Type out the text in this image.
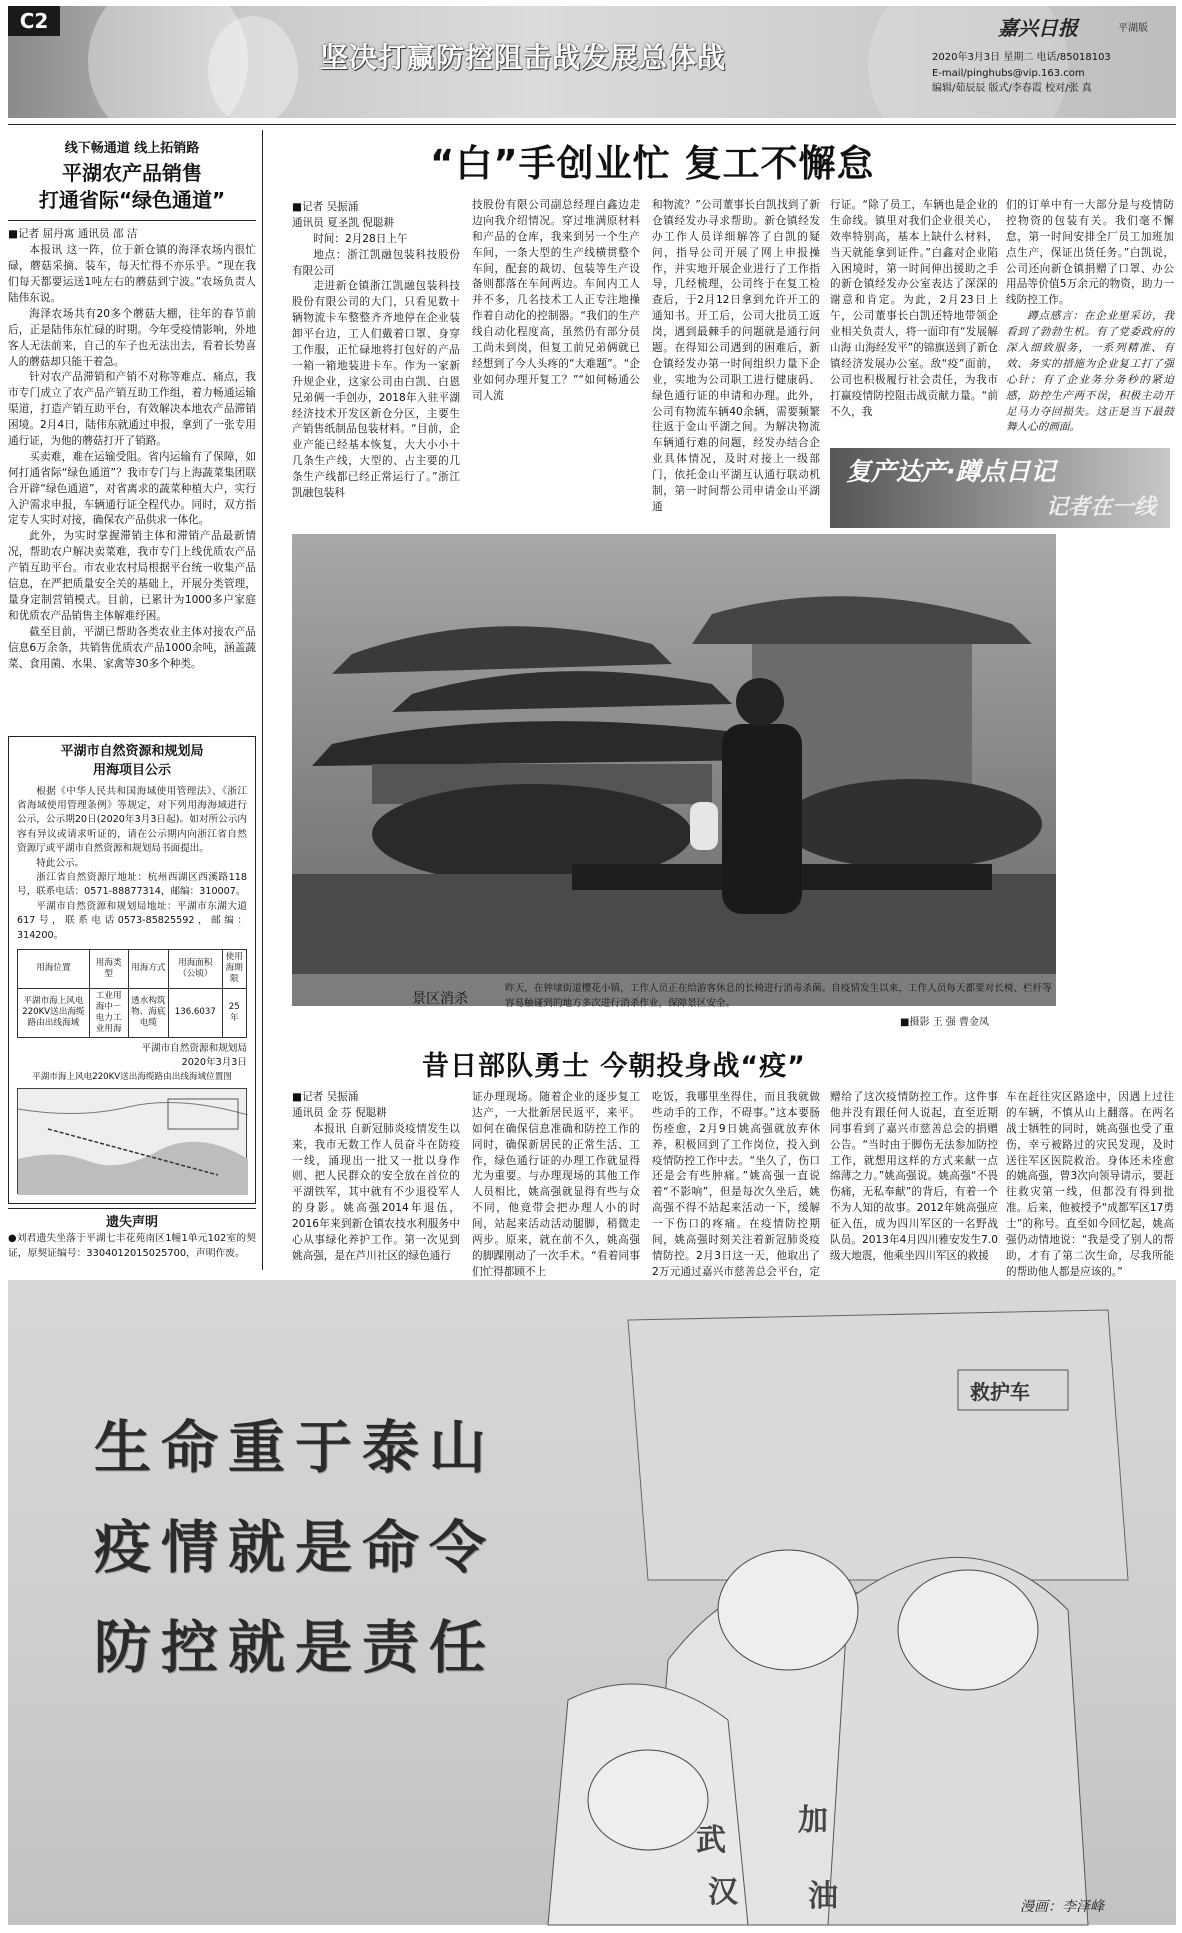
C2
坚决打赢防控阻击战发展总体战
嘉兴日报	平湖版
2020年3月3日 星期二 电话/85018103
E-mail/pinghubs@vip.163.com
编辑/茹辰辰 版式/李春霞 校对/张 真
线下畅通道 线上拓销路
平湖农产品销售
打通省际“绿色通道”
■记者 屈丹寓 通讯员 邵 洁

本报讯 这一阵，位于新仓镇的海泽农场内很忙碌，蘑菇采摘、装车，每天忙得不亦乐乎。“现在我们每天都要运送1吨左右的蘑菇到宁波。”农场负责人陆伟东说。

海泽农场共有20多个蘑菇大棚，往年的春节前后，正是陆伟东忙碌的时期。今年受疫情影响，外地客人无法前来，自己的车子也无法出去，看着长势喜人的蘑菇却只能干着急。

针对农产品滞销和产销不对称等难点、痛点，我市专门成立了农产品产销互助工作组，着力畅通运输渠道，打造产销互助平台，有效解决本地农产品滞销困境。2月4日，陆伟东就通过申报，拿到了一张专用通行证，为他的蘑菇打开了销路。

买卖难，难在运输受阻。省内运输有了保障，如何打通省际“绿色通道”？我市专门与上海蔬菜集团联合开辟“绿色通道”，对省离求的蔬菜种植大户，实行入沪需求申报，车辆通行证全程代办。同时，双方指定专人实时对接，确保农产品供求一体化。

此外，为实时掌握滞销主体和滞销产品最新情况，帮助农户解决卖菜难，我市专门上线优质农产品产销互助平台。市农业农村局根据平台统一收集产品信息，在严把质量安全关的基础上，开展分类管理，量身定制营销模式。目前，已累计为1000多户家庭和优质农产品销售主体解难纾困。

截至目前，平湖已帮助各类农业主体对接农产品信息6万余条，共销售优质农产品1000余吨，涵盖蔬菜、食用菌、水果、家禽等30多个种类。

平湖市自然资源和规划局
用海项目公示

根据《中华人民共和国海域使用管理法》、《浙江省海域使用管理条例》等规定，对下列用海海域进行公示，公示期20日(2020年3月3日起)。如对所公示内容有异议或请求听证的，请在公示期内向浙江省自然资源厅或平湖市自然资源和规划局书面提出。

特此公示。

浙江省自然资源厅地址：杭州西湖区西溪路118号，联系电话：0571-88877314，邮编：310007。

平湖市自然资源和规划局地址：平湖市东湖大道617号，联系电话0573-85825592，邮编：314200。

用海位置	用海类型	用海方式	用海面积（公顷）	使用海期限
平湖市海上风电220KV送出海缆路由出线海域	工业用海中－电力工业用海	透水构筑物、海底电缆	136.6037	25年
平湖市自然资源和规划局
2020年3月3日
平湖市海上风电220KV送出海缆路由出线海域位置图
遗失声明
●刘君遗失坐落于平湖七丰花苑南区1幢1单元102室的契证，原契证编号：3304012015025700，声明作废。
“白”手创业忙 复工不懈怠
■记者 吴振涌
通讯员 夏圣凯 倪聪耕

时间：2月28日上午

地点：浙江凯融包装科技股份有限公司

走进新仓镇浙江凯融包装科技股份有限公司的大门，只看见数十辆物流卡车整整齐齐地停在企业装卸平台边，工人们戴着口罩、身穿工作服，正忙碌地将打包好的产品一箱一箱地装进卡车。作为一家新升规企业，这家公司由白凯、白恩兄弟俩一手创办，2018年入驻平湖经济技术开发区新仓分区，主要生产销售纸制品包装材料。“目前，企业产能已经基本恢复，大大小小十几条生产线，大型的、占主要的几条生产线都已经正常运行了。”浙江凯融包装科

技股份有限公司副总经理白鑫边走边向我介绍情况。穿过堆满原材料和产品的仓库，我来到另一个生产车间，一条大型的生产线横贯整个车间，配套的裁切、包装等生产设备则都落在车间两边。车间内工人并不多，几名技术工人正专注地操作着自动化的控制器。“我们的生产线自动化程度高，虽然仍有部分员工尚未到岗，但复工前兄弟俩就已经想到了今人头疼的“大难题”。“企业如何办理开复工？”“如何畅通公司人流

和物流？”公司董事长白凯找到了新仓镇经发办寻求帮助。新仓镇经发办工作人员详细解答了白凯的疑问，指导公司开展了网上申报操作，并实地开展企业进行了工作指导，几经梳理，公司终于在复工检查后，于2月12日拿到允许开工的通知书。开工后，公司大批员工返岗，遇到最棘手的问题就是通行问题。在得知公司遇到的困难后，新仓镇经发办第一时间组织力量下企业，实地为公司职工进行健康码、绿色通行证的申请和办理。此外，公司有物流车辆40余辆，需要频繁往返于金山平湖之间。为解决物流车辆通行难的问题，经发办结合企业具体情况，及时对接上一级部门，依托金山平湖互认通行联动机制，第一时间帮公司申请金山平湖通

行证。“除了员工，车辆也是企业的生命线。镇里对我们企业很关心，效率特别高，基本上缺什么材料，当天就能拿到证件。”白鑫对企业陷入困境时，第一时间伸出援助之手的新仓镇经发办公室表达了深深的谢意和肯定。为此，2月23日上午，公司董事长白凯还特地带领企业相关负责人，将一面印有“发展解山海 山海经发平”的锦旗送到了新仓镇经济发展办公室。敌“疫”面前，公司也积极履行社会责任，为我市打赢疫情防控阻击战贡献力量。“前不久，我

们的订单中有一大部分是与疫情防控物资的包装有关。我们毫不懈怠，第一时间安排全厂员工加班加点生产，保证出货任务。”白凯说，公司还向新仓镇捐赠了口罩、办公用品等价值5万余元的物资，助力一线防控工作。

蹲点感言：在企业里采访，我看到了勃勃生机。有了党委政府的深入细致服务，一系列精准、有效、务实的措施为企业复工打了强心针；有了企业务分务秒的紧迫感，防控生产两不误，积极主动开足马力夺回损失。这正是当下最鼓舞人心的画面。

复产达产·蹲点日记
记者在一线
景区消杀
昨天，在钟埭街道樱花小镇，工作人员正在给游客休息的长椅进行消毒杀菌。自疫情发生以来，工作人员每天都要对长椅、栏杆等容易触碰到的地方多次进行消杀作业，保障景区安全。
■摄影 王 强 曹金凤
昔日部队勇士 今朝投身战“疫”
■记者 吴振涌
通讯员 金 芬 倪聪耕

本报讯 自新冠肺炎疫情发生以来，我市无数工作人员奋斗在防疫一线，涌现出一批又一批以身作则、把人民群众的安全放在首位的平湖铁军，其中就有不少退役军人的身影。姚高强2014年退伍，2016年来到新仓镇农技水利服务中心从事绿化养护工作。第一次见到姚高强，是在芦川社区的绿色通行

证办理现场。随着企业的逐步复工达产，一大批新居民返平，来平。如何在确保信息准确和防控工作的同时，确保新居民的正常生活、工作，绿色通行证的办理工作就显得尤为重要。与办理现场的其他工作人员相比，姚高强就显得有些与众不同，他竟带会把办理人小的时间，站起来活动活动腿脚，稍微走两步。原来，就在前不久，姚高强的脚踝刚动了一次手术。“看着同事们忙得都顾不上

吃饭，我哪里坐得住，而且我就做些动手的工作，不碍事。”这本要肠伤痊愈，2月9日姚高强就放弃休养，积极回到了工作岗位，投入到疫情防控工作中去。“坐久了，伤口还是会有些肿痛。”姚高强一直说着“不影响”，但是每次久坐后，姚高强不得不站起来活动一下，缓解一下伤口的疼痛。在疫情防控期间，姚高强时刻关注着新冠肺炎疫情防控。2月3日这一天，他取出了2万元通过嘉兴市慈善总会平台，定

赠给了这次疫情防控工作。这件事他并没有跟任何人说起，直至近期同事看到了嘉兴市慈善总会的捐赠公告。“当时由于脚伤无法参加防控工作，就想用这样的方式来献一点绵薄之力。”姚高强说。姚高强“不畏伤痛，无私奉献”的背后，有着一个不为人知的故事。2012年姚高强应征入伍，成为四川军区的一名野战队员。2013年4月四川雅安发生7.0级大地震，他乘坐四川军区的救援

车在赶往灾区路途中，因遇上过往的车辆，不慎从山上翻落。在两名战士牺牲的同时，姚高强也受了重伤，幸亏被路过的灾民发现，及时送往军区医院救治。身体还未痊愈的姚高强，曾3次向领导请示，要赶往救灾第一线，但都没有得到批准。后来，他被授予“成都军区17勇士”的称号。直至如今回忆起，姚高强仍动情地说：“我是受了别人的帮助，才有了第二次生命，尽我所能的帮助他人都是应该的。”

救护车
武
加
汉 油
生命重于泰山
疫情就是命令
防控就是责任
漫画：李泽峰
